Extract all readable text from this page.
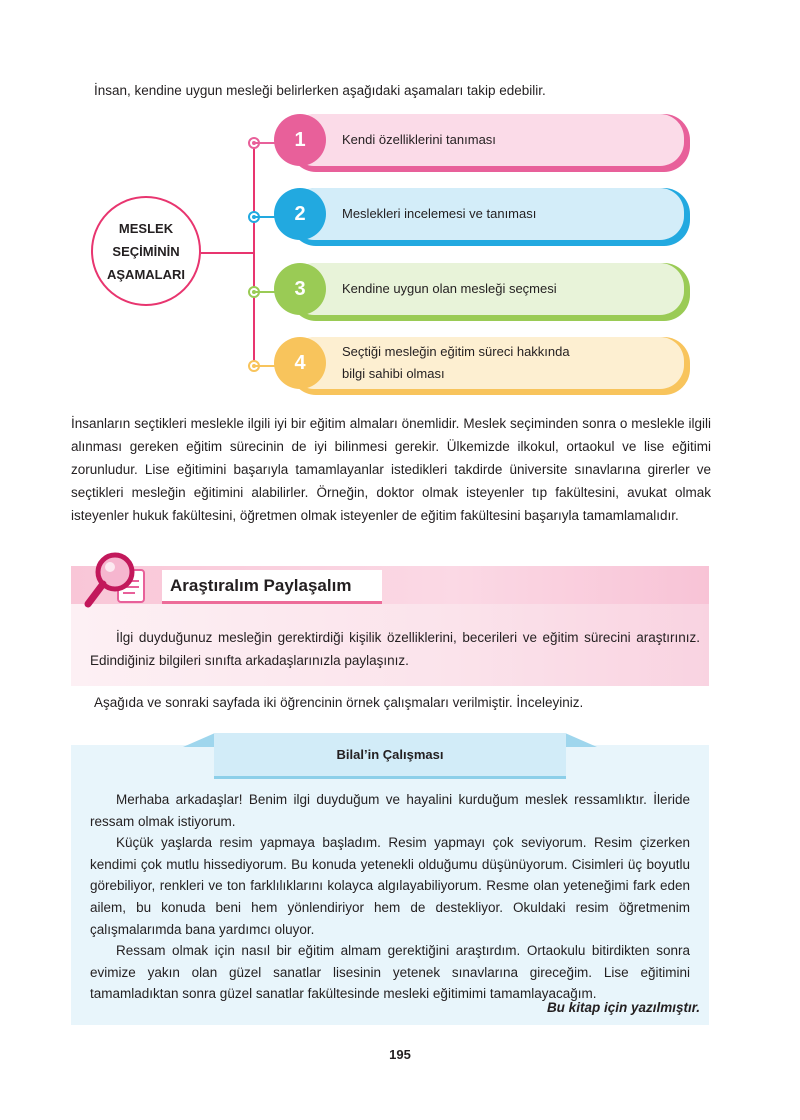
İnsan, kendine uygun mesleği belirlerken aşağıdaki aşamaları takip edebilir.
MESLEK
SEÇİMİNİN
AŞAMALARI
1	Kendi özelliklerini tanıması
2	Meslekleri incelemesi ve tanıması
3	Kendine uygun olan mesleği seçmesi
4	Seçtiği mesleğin eğitim süreci hakkında
bilgi sahibi olması
İnsanların seçtikleri meslekle ilgili iyi bir eğitim almaları önemlidir. Meslek seçiminden sonra o meslekle ilgili alınması gereken eğitim sürecinin de iyi bilinmesi gerekir. Ülkemizde ilkokul, ortaokul ve lise eğitimi zorunludur. Lise eğitimini başarıyla tamamlayanlar istedikleri takdirde üniversite sınavlarına girerler ve seçtikleri mesleğin eğitimini alabilirler. Örneğin, doktor olmak isteyenler tıp fakültesini, avukat olmak isteyenler hukuk fakültesini, öğretmen olmak isteyenler de eğitim fakültesini başarıyla tamamlamalıdır.
Araştıralım Paylaşalım
İlgi duyduğunuz mesleğin gerektirdiği kişilik özelliklerini, becerileri ve eğitim sürecini araştırınız. Edindiğiniz bilgileri sınıfta arkadaşlarınızla paylaşınız.
Aşağıda ve sonraki sayfada iki öğrencinin örnek çalışmaları verilmiştir. İnceleyiniz.
Bilal’in Çalışması

Merhaba arkadaşlar! Benim ilgi duyduğum ve hayalini kurduğum meslek ressamlıktır. İleride ressam olmak istiyorum.

Küçük yaşlarda resim yapmaya başladım. Resim yapmayı çok seviyorum. Resim çizerken kendimi çok mutlu hissediyorum. Bu konuda yetenekli olduğumu düşünüyorum. Cisimleri üç boyutlu görebiliyor, renkleri ve ton farklılıklarını kolayca algılayabiliyorum. Resme olan yeteneğimi fark eden ailem, bu konuda beni hem yönlendiriyor hem de destekliyor. Okuldaki resim öğretmenim çalışmalarımda bana yardımcı oluyor.

Ressam olmak için nasıl bir eğitim almam gerektiğini araştırdım. Ortaokulu bitirdikten sonra evimize yakın olan güzel sanatlar lisesinin yetenek sınavlarına gireceğim. Lise eğitimini tamamladıktan sonra güzel sanatlar fakültesinde mesleki eğitimimi tamamlayacağım.

Bu kitap için yazılmıştır.
195
